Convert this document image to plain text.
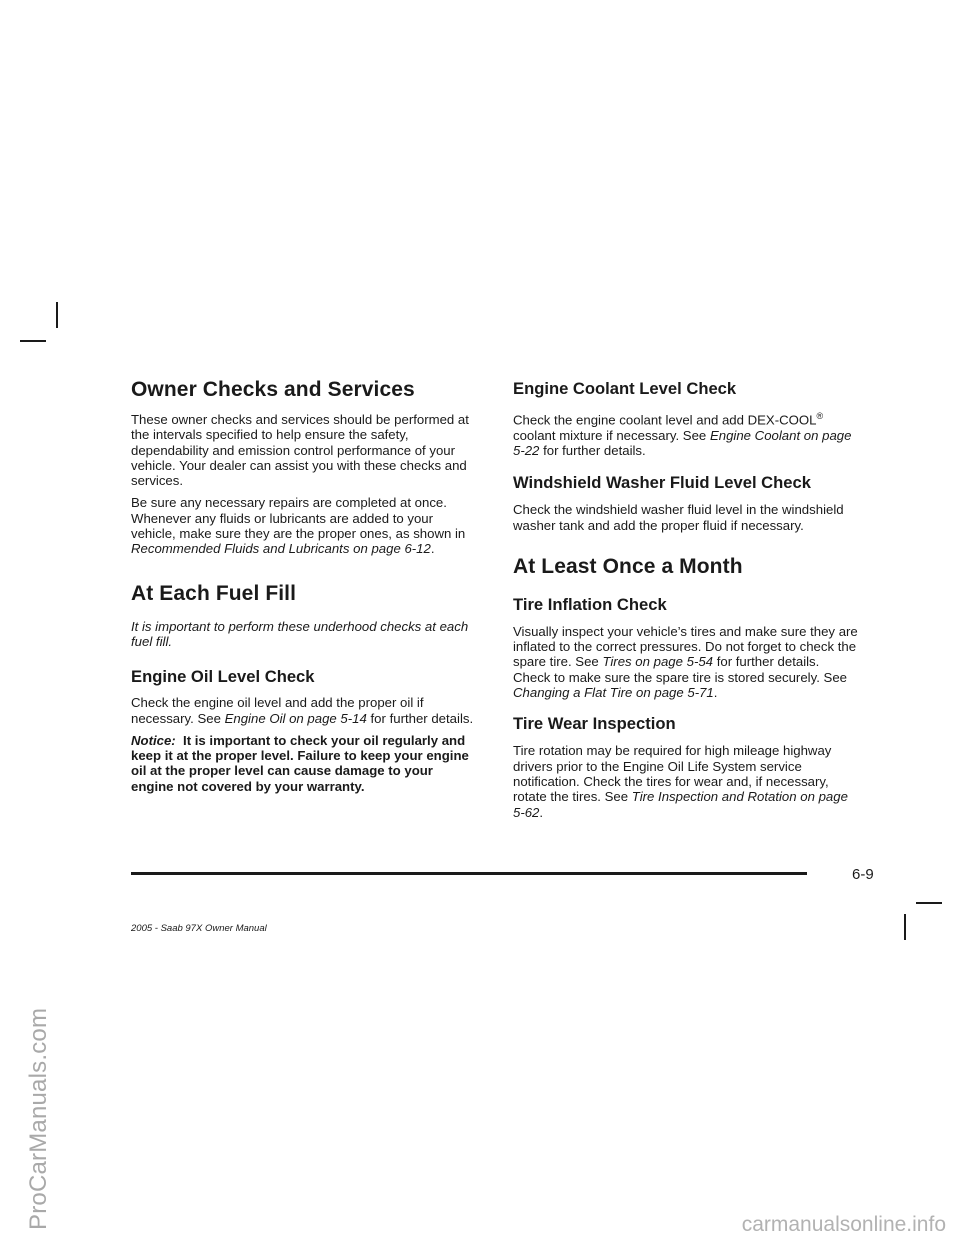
Owner Checks and Services

These owner checks and services should be performed at the intervals specified to help ensure the safety, dependability and emission control performance of your vehicle. Your dealer can assist you with these checks and services.

Be sure any necessary repairs are completed at once. Whenever any fluids or lubricants are added to your vehicle, make sure they are the proper ones, as shown in Recommended Fluids and Lubricants on page 6-12.

At Each Fuel Fill

It is important to perform these underhood checks at each fuel fill.

Engine Oil Level Check

Check the engine oil level and add the proper oil if necessary. See Engine Oil on page 5-14 for further details.

Notice: It is important to check your oil regularly and keep it at the proper level. Failure to keep your engine oil at the proper level can cause damage to your engine not covered by your warranty.

Engine Coolant Level Check

Check the engine coolant level and add DEX-COOL® coolant mixture if necessary. See Engine Coolant on page 5-22 for further details.

Windshield Washer Fluid Level Check

Check the windshield washer fluid level in the windshield washer tank and add the proper fluid if necessary.

At Least Once a Month
Tire Inflation Check

Visually inspect your vehicle’s tires and make sure they are inflated to the correct pressures. Do not forget to check the spare tire. See Tires on page 5-54 for further details. Check to make sure the spare tire is stored securely. See Changing a Flat Tire on page 5-71.

Tire Wear Inspection

Tire rotation may be required for high mileage highway drivers prior to the Engine Oil Life System service notification. Check the tires for wear and, if necessary, rotate the tires. See Tire Inspection and Rotation on page 5-62.

6-9
2005 - Saab 97X Owner Manual
ProCarManuals.com	carmanualsonline.info
